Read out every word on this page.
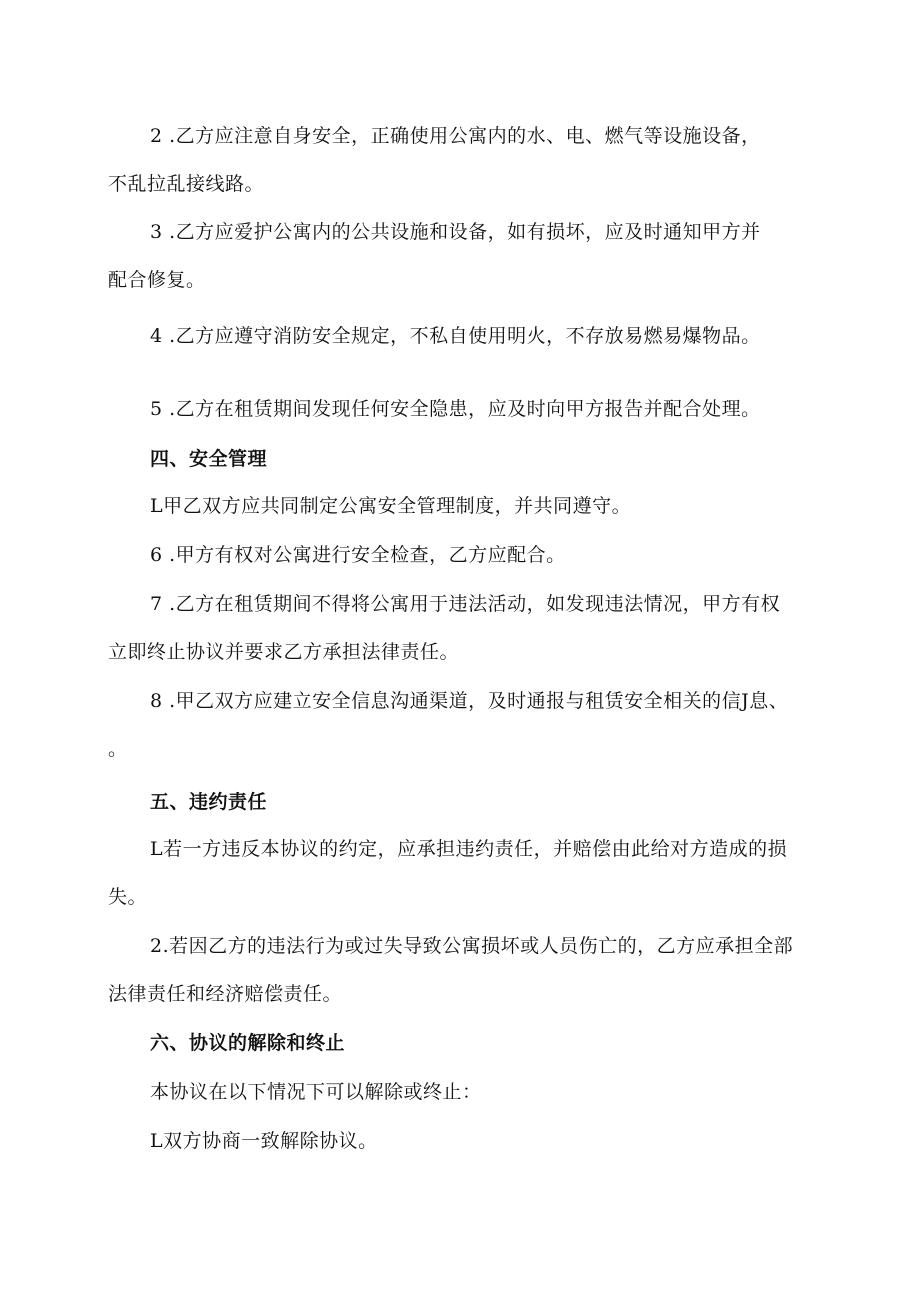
2 .乙方应注意自身安全，正确使用公寓内的水、电、燃气等设施设备，
不乱拉乱接线路。
3 .乙方应爱护公寓内的公共设施和设备，如有损坏，应及时通知甲方并
配合修复。
4 .乙方应遵守消防安全规定，不私自使用明火，不存放易燃易爆物品。
5 .乙方在租赁期间发现任何安全隐患，应及时向甲方报告并配合处理。
四、安全管理
L甲乙双方应共同制定公寓安全管理制度，并共同遵守。
6 .甲方有权对公寓进行安全检查，乙方应配合。
7 .乙方在租赁期间不得将公寓用于违法活动，如发现违法情况，甲方有权
立即终止协议并要求乙方承担法律责任。
8 .甲乙双方应建立安全信息沟通渠道，及时通报与租赁安全相关的信J息、
。
五、违约责任
L若一方违反本协议的约定，应承担违约责任，并赔偿由此给对方造成的损
失。
2.若因乙方的违法行为或过失导致公寓损坏或人员伤亡的，乙方应承担全部
法律责任和经济赔偿责任。
六、协议的解除和终止
本协议在以下情况下可以解除或终止：
L双方协商一致解除协议。
